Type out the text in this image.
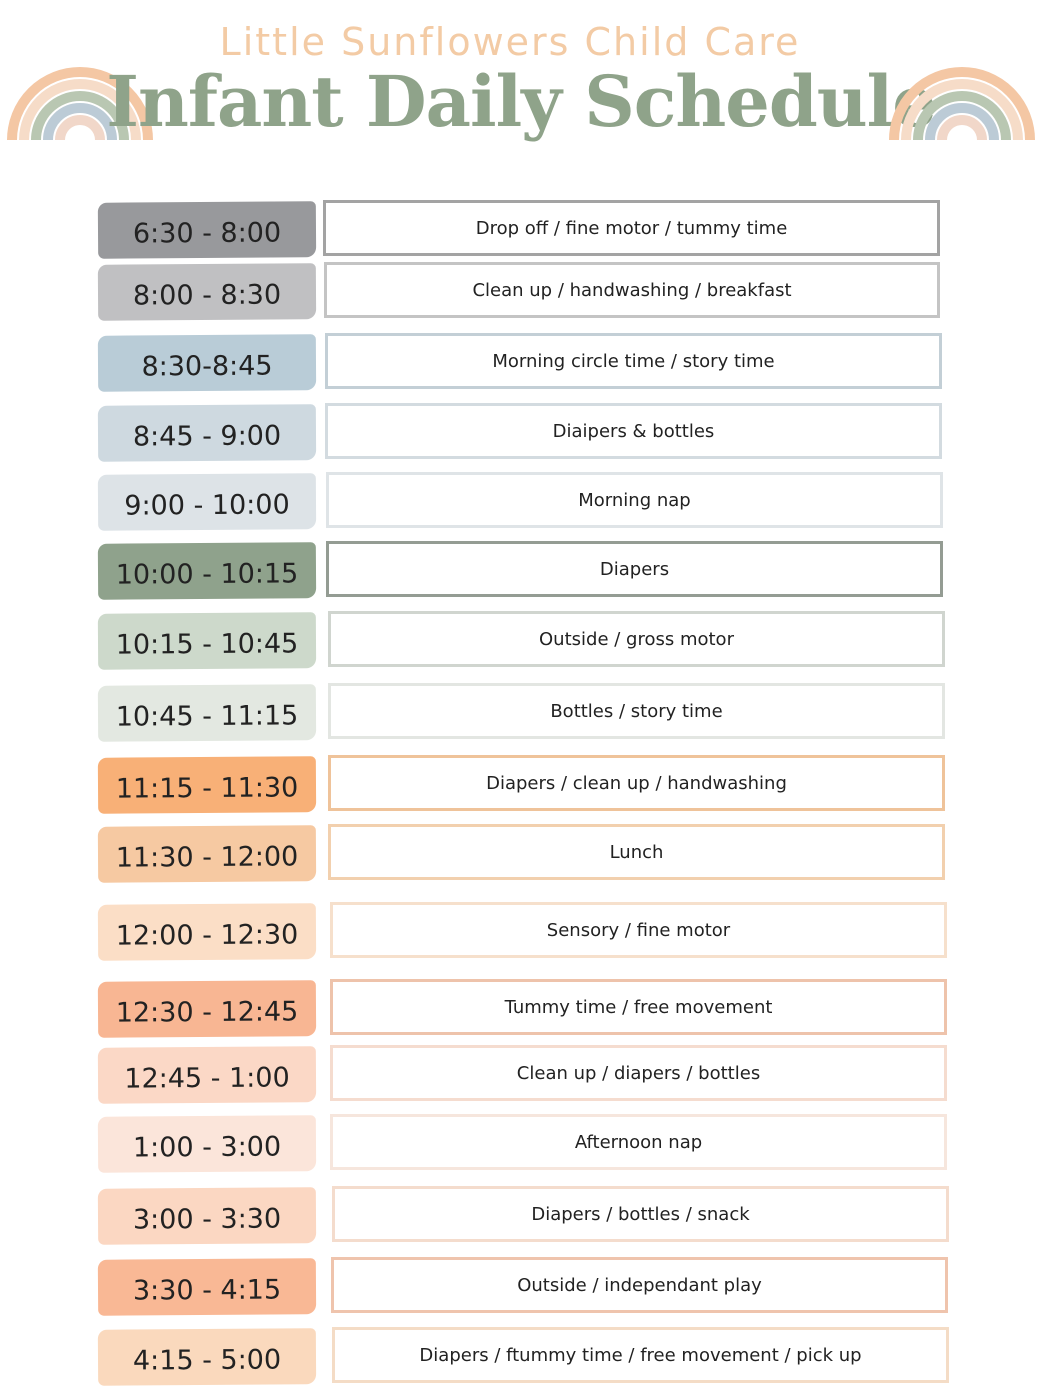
Little Sunflowers Child Care
Infant Daily Schedule
6:30 - 8:00	Drop off / fine motor / tummy time
8:00 - 8:30	Clean up / handwashing / breakfast
8:30-8:45	Morning circle time / story time
8:45 - 9:00	Diaipers & bottles
9:00 - 10:00	Morning nap
10:00 - 10:15	Diapers
10:15 - 10:45	Outside / gross motor
10:45 - 11:15	Bottles / story time
11:15 - 11:30	Diapers / clean up / handwashing
11:30 - 12:00	Lunch
12:00 - 12:30	Sensory / fine motor
12:30 - 12:45	Tummy time / free movement
12:45 - 1:00	Clean up / diapers / bottles
1:00 - 3:00	Afternoon nap
3:00 - 3:30	Diapers / bottles / snack
3:30 - 4:15	Outside / independant play
4:15 - 5:00	Diapers / ftummy time / free movement / pick up
